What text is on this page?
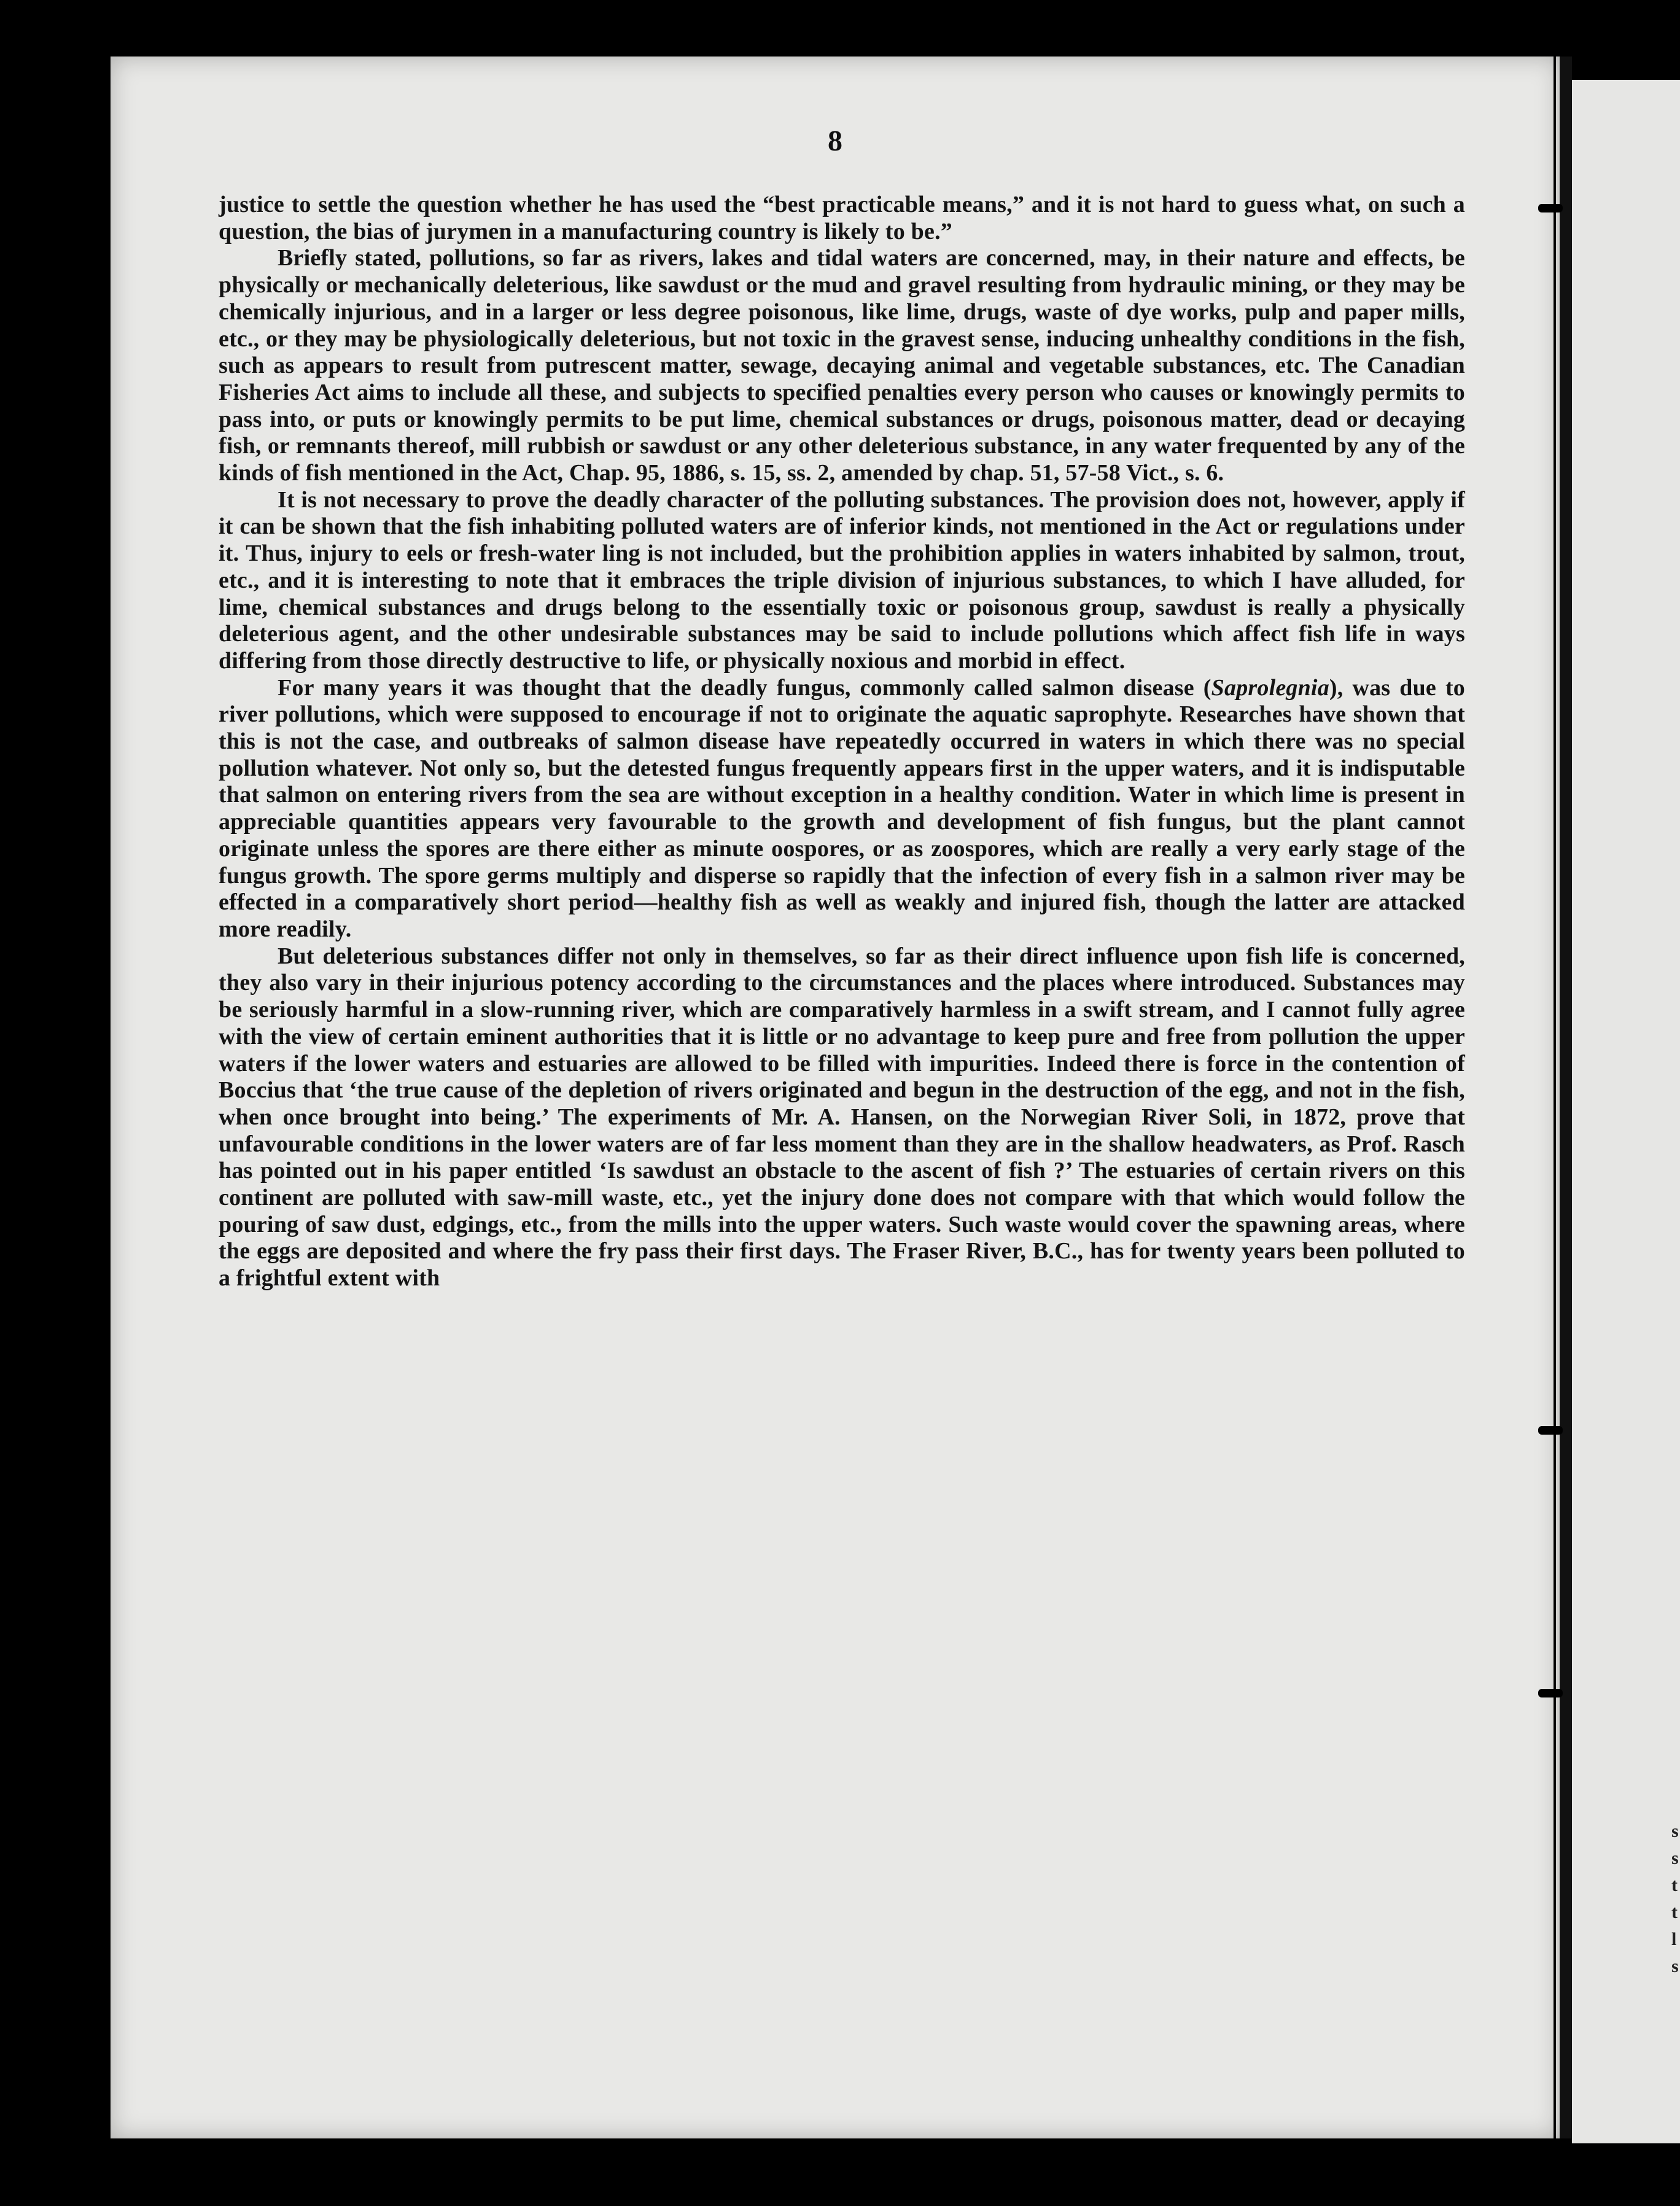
8

justice to settle the question whether he has used the “best practicable means,” and it is not hard to guess what, on such a question, the bias of jurymen in a manufacturing country is likely to be.”

Briefly stated, pollutions, so far as rivers, lakes and tidal waters are concerned, may, in their nature and effects, be physically or mechanically deleterious, like sawdust or the mud and gravel resulting from hydraulic mining, or they may be chemically injurious, and in a larger or less degree poisonous, like lime, drugs, waste of dye works, pulp and paper mills, etc., or they may be physiologically deleterious, but not toxic in the gravest sense, inducing unhealthy conditions in the fish, such as appears to result from putrescent matter, sewage, decaying animal and vegetable substances, etc. The Canadian Fisheries Act aims to include all these, and subjects to specified penalties every person who causes or knowingly permits to pass into, or puts or knowingly permits to be put lime, chemical substances or drugs, poisonous matter, dead or decaying fish, or remnants thereof, mill rubbish or sawdust or any other deleterious substance, in any water frequented by any of the kinds of fish mentioned in the Act, Chap. 95, 1886, s. 15, ss. 2, amended by chap. 51, 57-58 Vict., s. 6.

It is not necessary to prove the deadly character of the polluting substances. The provision does not, however, apply if it can be shown that the fish inhabiting polluted waters are of inferior kinds, not mentioned in the Act or regulations under it. Thus, injury to eels or fresh-water ling is not included, but the prohibition applies in waters inhabited by salmon, trout, etc., and it is interesting to note that it embraces the triple division of injurious substances, to which I have alluded, for lime, chemical substances and drugs belong to the essentially toxic or poisonous group, sawdust is really a physically deleterious agent, and the other undesirable substances may be said to include pollutions which affect fish life in ways differing from those directly destructive to life, or physically noxious and morbid in effect.

For many years it was thought that the deadly fungus, commonly called salmon disease (Saprolegnia), was due to river pollutions, which were supposed to encourage if not to originate the aquatic saprophyte. Researches have shown that this is not the case, and outbreaks of salmon disease have repeatedly occurred in waters in which there was no special pollution whatever. Not only so, but the detested fungus frequently appears first in the upper waters, and it is indisputable that salmon on entering rivers from the sea are without exception in a healthy condition. Water in which lime is present in appreciable quantities appears very favourable to the growth and development of fish fungus, but the plant cannot originate unless the spores are there either as minute oospores, or as zoospores, which are really a very early stage of the fungus growth. The spore germs multiply and disperse so rapidly that the infection of every fish in a salmon river may be effected in a comparatively short period—healthy fish as well as weakly and injured fish, though the latter are attacked more readily.

But deleterious substances differ not only in themselves, so far as their direct influence upon fish life is concerned, they also vary in their injurious potency according to the circumstances and the places where introduced. Substances may be seriously harmful in a slow-running river, which are comparatively harmless in a swift stream, and I cannot fully agree with the view of certain eminent authorities that it is little or no advantage to keep pure and free from pollution the upper waters if the lower waters and estuaries are allowed to be filled with impurities. Indeed there is force in the contention of Boccius that ‘the true cause of the depletion of rivers originated and begun in the destruction of the egg, and not in the fish, when once brought into being.’ The experiments of Mr. A. Hansen, on the Norwegian River Soli, in 1872, prove that unfavourable conditions in the lower waters are of far less moment than they are in the shallow headwaters, as Prof. Rasch has pointed out in his paper entitled ‘Is sawdust an obstacle to the ascent of fish ?’ The estuaries of certain rivers on this continent are polluted with saw-mill waste, etc., yet the injury done does not compare with that which would follow the pouring of saw dust, edgings, etc., from the mills into the upper waters. Such waste would cover the spawning areas, where the eggs are deposited and where the fry pass their first days. The Fraser River, B.C., has for twenty years been polluted to a frightful extent with

s
s
t
t
l
s
